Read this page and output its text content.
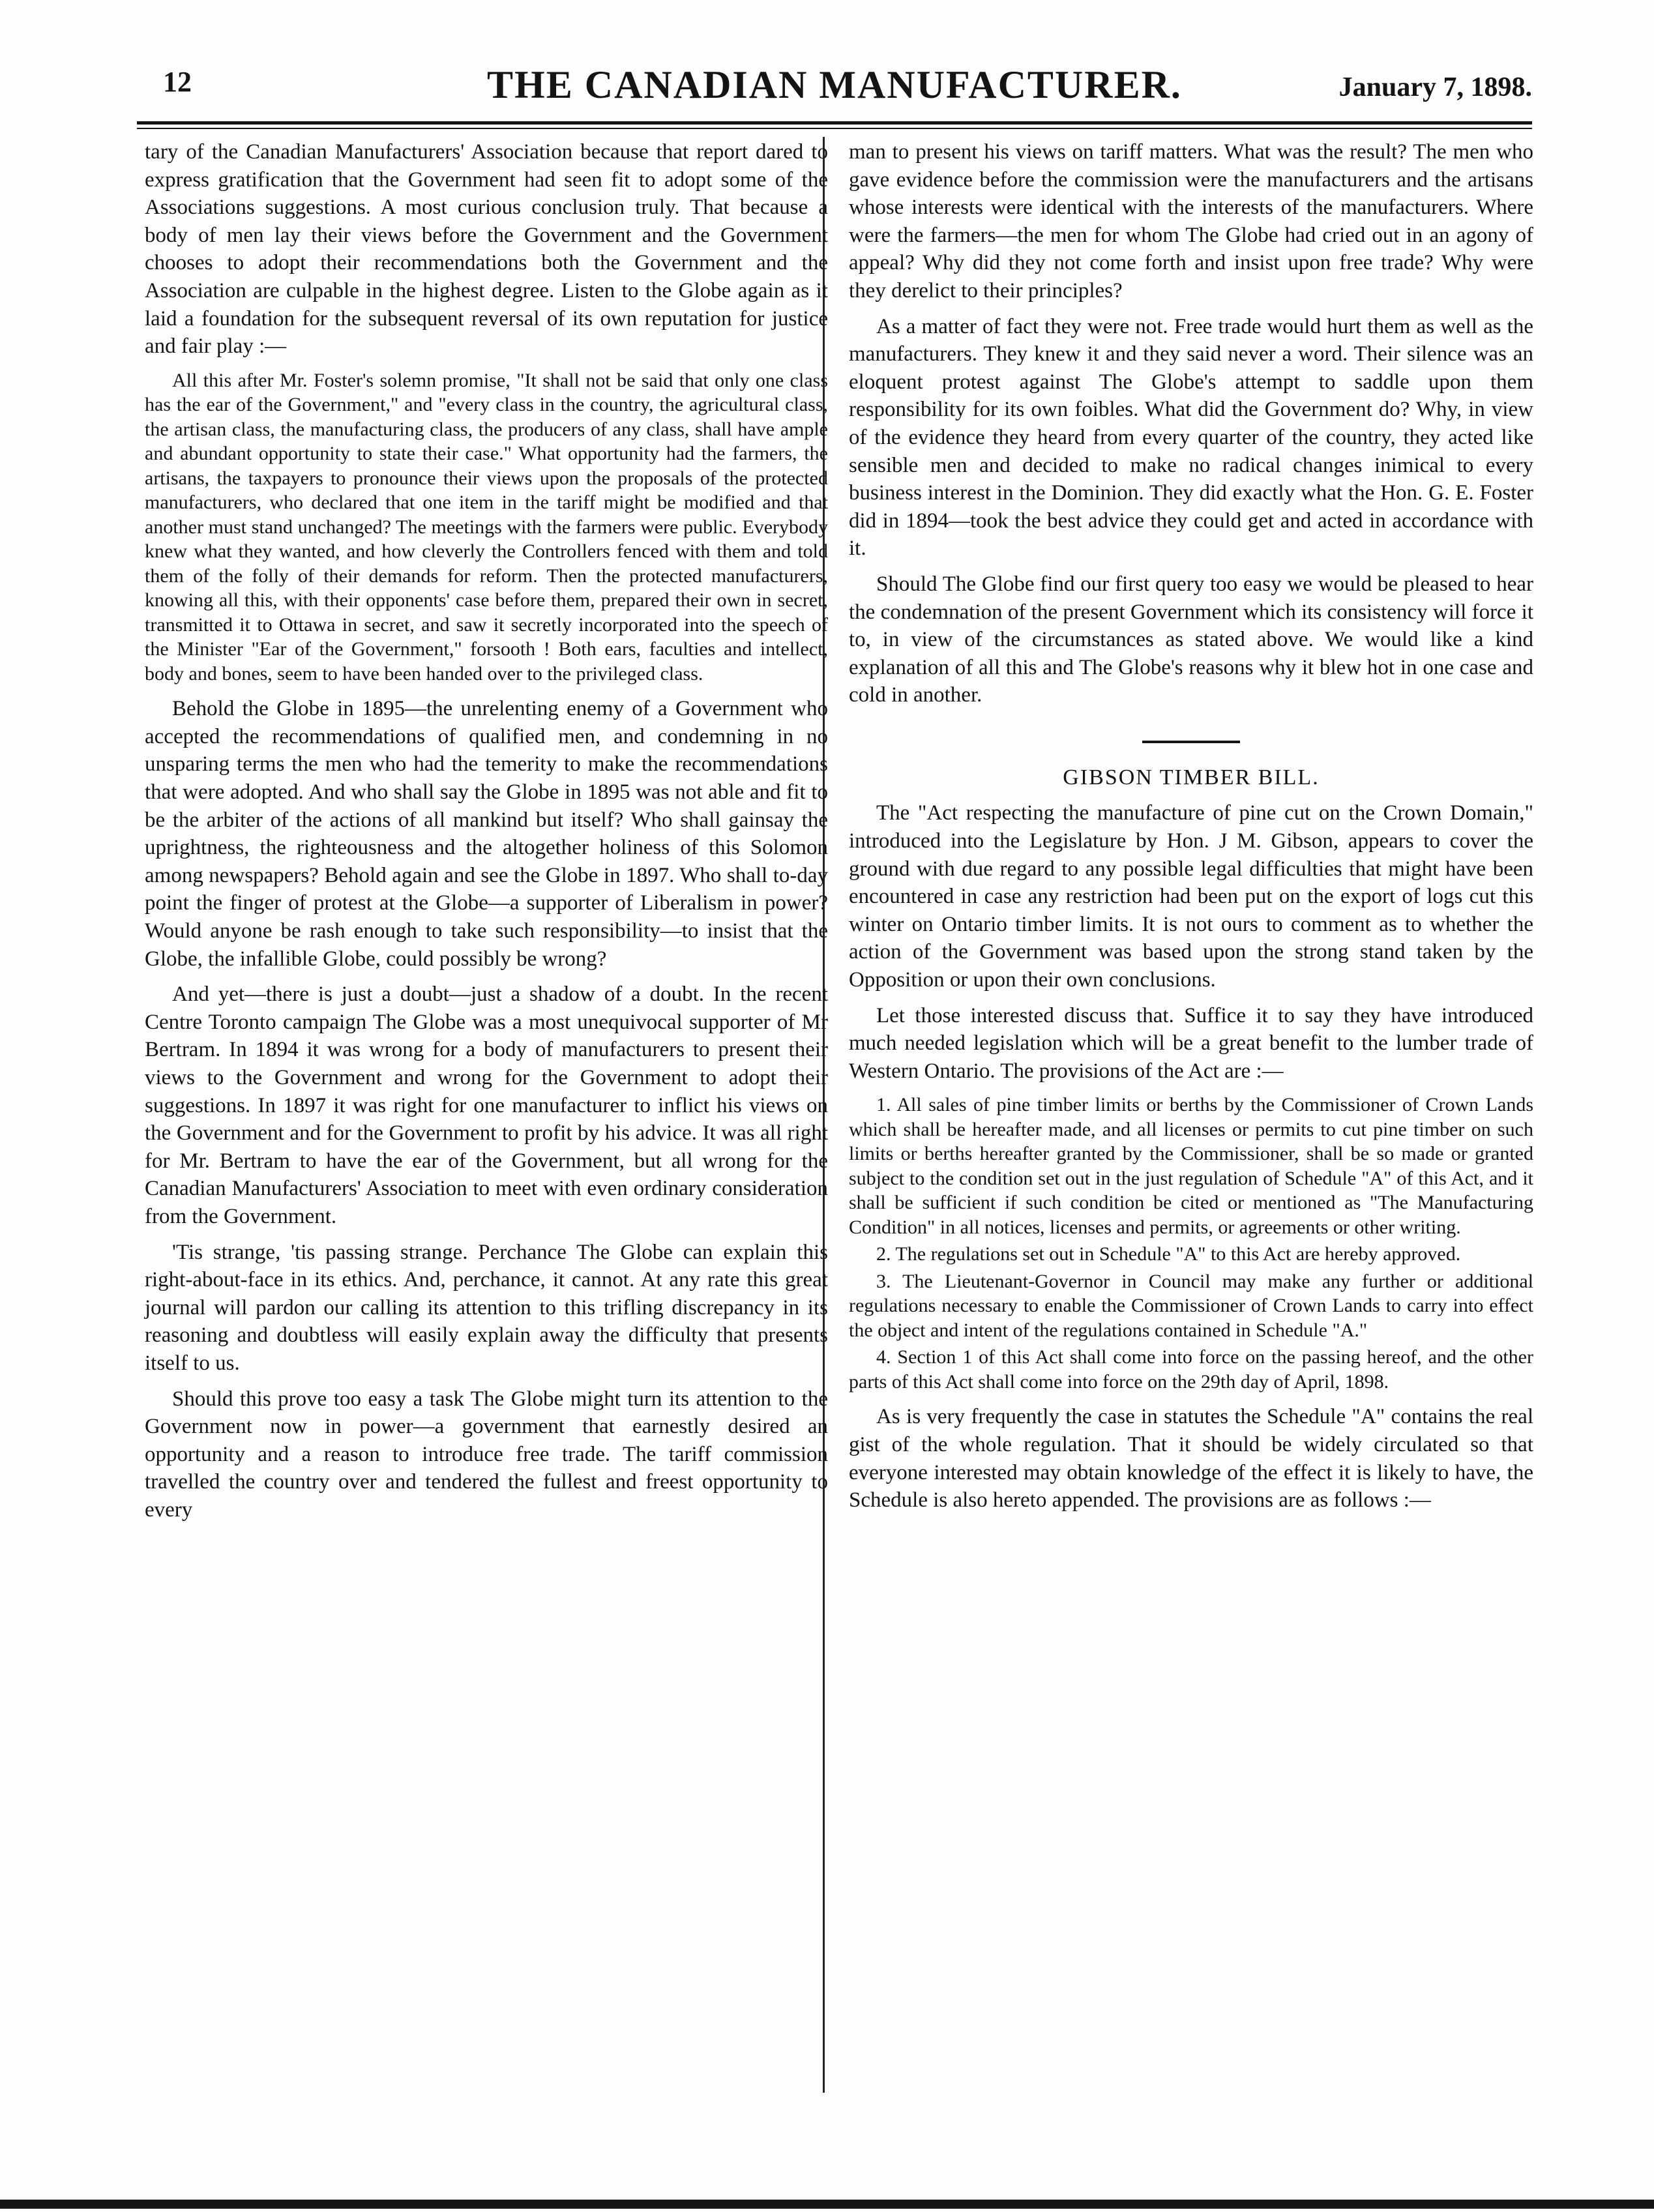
12	THE CANADIAN MANUFACTURER.	January 7, 1898.

tary of the Canadian Manufacturers' Association because that report dared to express gratification that the Government had seen fit to adopt some of the Associations suggestions. A most curious conclusion truly. That because a body of men lay their views before the Government and the Government chooses to adopt their recommendations both the Government and the Association are culpable in the highest degree. Listen to the Globe again as it laid a foundation for the subsequent reversal of its own reputation for justice and fair play :—

All this after Mr. Foster's solemn promise, "It shall not be said that only one class has the ear of the Government," and "every class in the country, the agricultural class, the artisan class, the manufacturing class, the producers of any class, shall have ample and abundant opportunity to state their case." What opportunity had the farmers, the artisans, the taxpayers to pronounce their views upon the proposals of the protected manufacturers, who declared that one item in the tariff might be modified and that another must stand unchanged? The meetings with the farmers were public. Everybody knew what they wanted, and how cleverly the Controllers fenced with them and told them of the folly of their demands for reform. Then the protected manufacturers, knowing all this, with their opponents' case before them, prepared their own in secret, transmitted it to Ottawa in secret, and saw it secretly incorporated into the speech of the Minister "Ear of the Government," forsooth ! Both ears, faculties and intellect, body and bones, seem to have been handed over to the privileged class.

Behold the Globe in 1895—the unrelenting enemy of a Government who accepted the recommendations of qualified men, and condemning in no unsparing terms the men who had the temerity to make the recommendations that were adopted. And who shall say the Globe in 1895 was not able and fit to be the arbiter of the actions of all mankind but itself? Who shall gainsay the uprightness, the righteousness and the altogether holiness of this Solomon among newspapers? Behold again and see the Globe in 1897. Who shall to-day point the finger of protest at the Globe—a supporter of Liberalism in power? Would anyone be rash enough to take such responsibility—to insist that the Globe, the infallible Globe, could possibly be wrong?

And yet—there is just a doubt—just a shadow of a doubt. In the recent Centre Toronto campaign The Globe was a most unequivocal supporter of Mr Bertram. In 1894 it was wrong for a body of manufacturers to present their views to the Government and wrong for the Government to adopt their suggestions. In 1897 it was right for one manufacturer to inflict his views on the Government and for the Government to profit by his advice. It was all right for Mr. Bertram to have the ear of the Government, but all wrong for the Canadian Manufacturers' Association to meet with even ordinary consideration from the Government.

'Tis strange, 'tis passing strange. Perchance The Globe can explain this right-about-face in its ethics. And, perchance, it cannot. At any rate this great journal will pardon our calling its attention to this trifling discrepancy in its reasoning and doubtless will easily explain away the difficulty that presents itself to us.

Should this prove too easy a task The Globe might turn its attention to the Government now in power—a government that earnestly desired an opportunity and a reason to introduce free trade. The tariff commission travelled the country over and tendered the fullest and freest opportunity to every

man to present his views on tariff matters. What was the result? The men who gave evidence before the commission were the manufacturers and the artisans whose interests were identical with the interests of the manufacturers. Where were the farmers—the men for whom The Globe had cried out in an agony of appeal? Why did they not come forth and insist upon free trade? Why were they derelict to their principles?

As a matter of fact they were not. Free trade would hurt them as well as the manufacturers. They knew it and they said never a word. Their silence was an eloquent protest against The Globe's attempt to saddle upon them responsibility for its own foibles. What did the Government do? Why, in view of the evidence they heard from every quarter of the country, they acted like sensible men and decided to make no radical changes inimical to every business interest in the Dominion. They did exactly what the Hon. G. E. Foster did in 1894—took the best advice they could get and acted in accordance with it.

Should The Globe find our first query too easy we would be pleased to hear the condemnation of the present Government which its consistency will force it to, in view of the circumstances as stated above. We would like a kind explanation of all this and The Globe's reasons why it blew hot in one case and cold in another.

GIBSON TIMBER BILL.

The "Act respecting the manufacture of pine cut on the Crown Domain," introduced into the Legislature by Hon. J M. Gibson, appears to cover the ground with due regard to any possible legal difficulties that might have been encountered in case any restriction had been put on the export of logs cut this winter on Ontario timber limits. It is not ours to comment as to whether the action of the Government was based upon the strong stand taken by the Opposition or upon their own conclusions.

Let those interested discuss that. Suffice it to say they have introduced much needed legislation which will be a great benefit to the lumber trade of Western Ontario. The provisions of the Act are :—

1. All sales of pine timber limits or berths by the Commissioner of Crown Lands which shall be hereafter made, and all licenses or permits to cut pine timber on such limits or berths hereafter granted by the Commissioner, shall be so made or granted subject to the condition set out in the just regulation of Schedule "A" of this Act, and it shall be sufficient if such condition be cited or mentioned as "The Manufacturing Condition" in all notices, licenses and permits, or agreements or other writing.

2. The regulations set out in Schedule "A" to this Act are hereby approved.

3. The Lieutenant-Governor in Council may make any further or additional regulations necessary to enable the Commissioner of Crown Lands to carry into effect the object and intent of the regulations contained in Schedule "A."

4. Section 1 of this Act shall come into force on the passing hereof, and the other parts of this Act shall come into force on the 29th day of April, 1898.

As is very frequently the case in statutes the Schedule "A" contains the real gist of the whole regulation. That it should be widely circulated so that everyone interested may obtain knowledge of the effect it is likely to have, the Schedule is also hereto appended. The provisions are as follows :—
